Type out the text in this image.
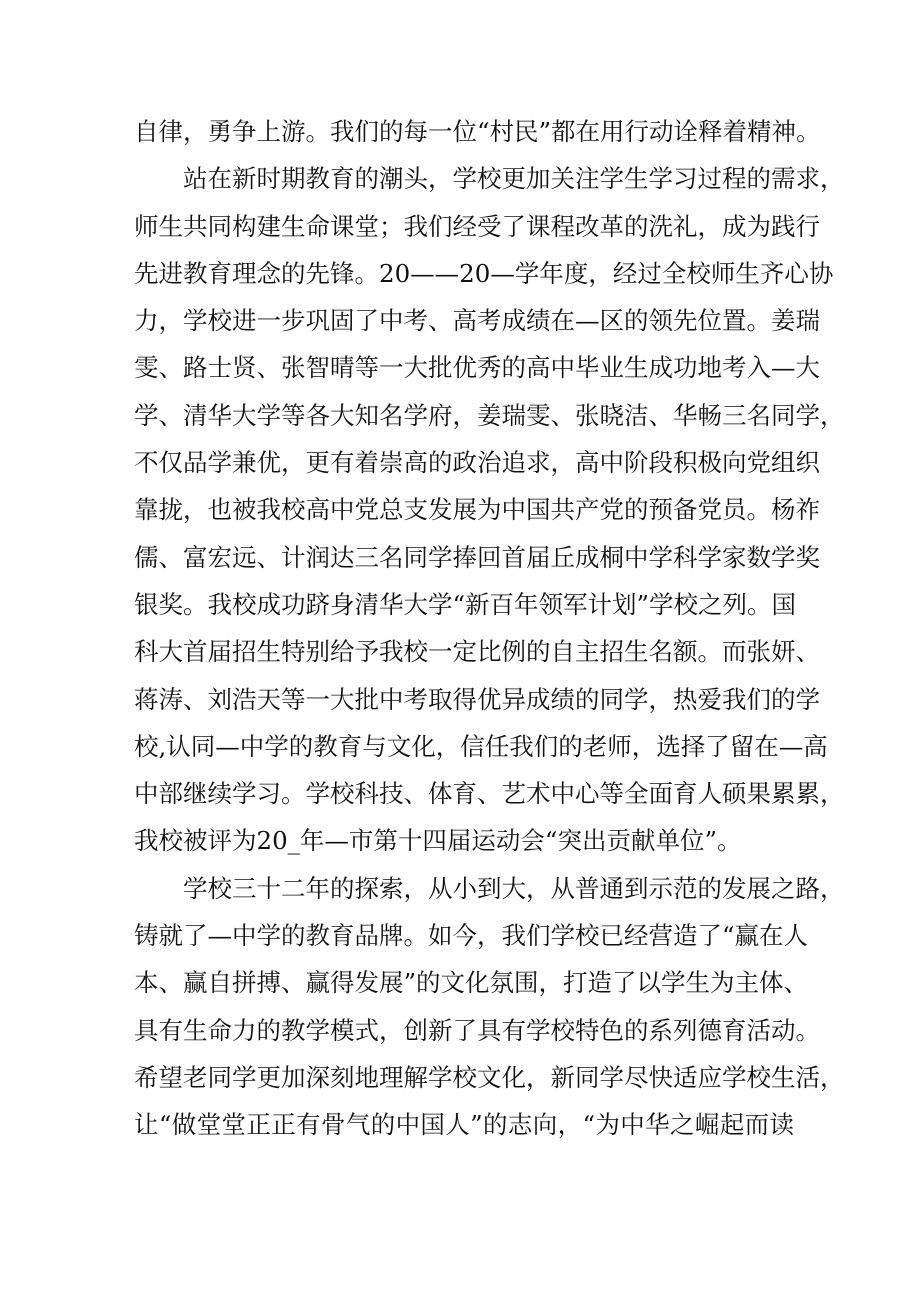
自律，勇争上游。我们的每一位“村民”都在用行动诠释着精神。
站在新时期教育的潮头，学校更加关注学生学习过程的需求，
师生共同构建生命课堂；我们经受了课程改革的洗礼，成为践行
先进教育理念的先锋。20——20—学年度，经过全校师生齐心协
力，学校进一步巩固了中考、高考成绩在—区的领先位置。姜瑞
雯、路士贤、张智晴等一大批优秀的高中毕业生成功地考入—大
学、清华大学等各大知名学府，姜瑞雯、张晓洁、华畅三名同学，
不仅品学兼优，更有着崇高的政治追求，高中阶段积极向党组织
靠拢，也被我校高中党总支发展为中国共产党的预备党员。杨祚
儒、富宏远、计润达三名同学捧回首届丘成桐中学科学家数学奖
银奖。我校成功跻身清华大学“新百年领军计划”学校之列。国
科大首届招生特别给予我校一定比例的自主招生名额。而张妍、
蒋涛、刘浩天等一大批中考取得优异成绩的同学，热爱我们的学
校,认同—中学的教育与文化，信任我们的老师，选择了留在—高
中部继续学习。学校科技、体育、艺术中心等全面育人硕果累累，
我校被评为20_年—市第十四届运动会“突出贡献单位”。
学校三十二年的探索，从小到大，从普通到示范的发展之路，
铸就了—中学的教育品牌。如今，我们学校已经营造了“赢在人
本、赢自拼搏、赢得发展”的文化氛围，打造了以学生为主体、
具有生命力的教学模式，创新了具有学校特色的系列德育活动。
希望老同学更加深刻地理解学校文化，新同学尽快适应学校生活，
让“做堂堂正正有骨气的中国人”的志向，“为中华之崛起而读
